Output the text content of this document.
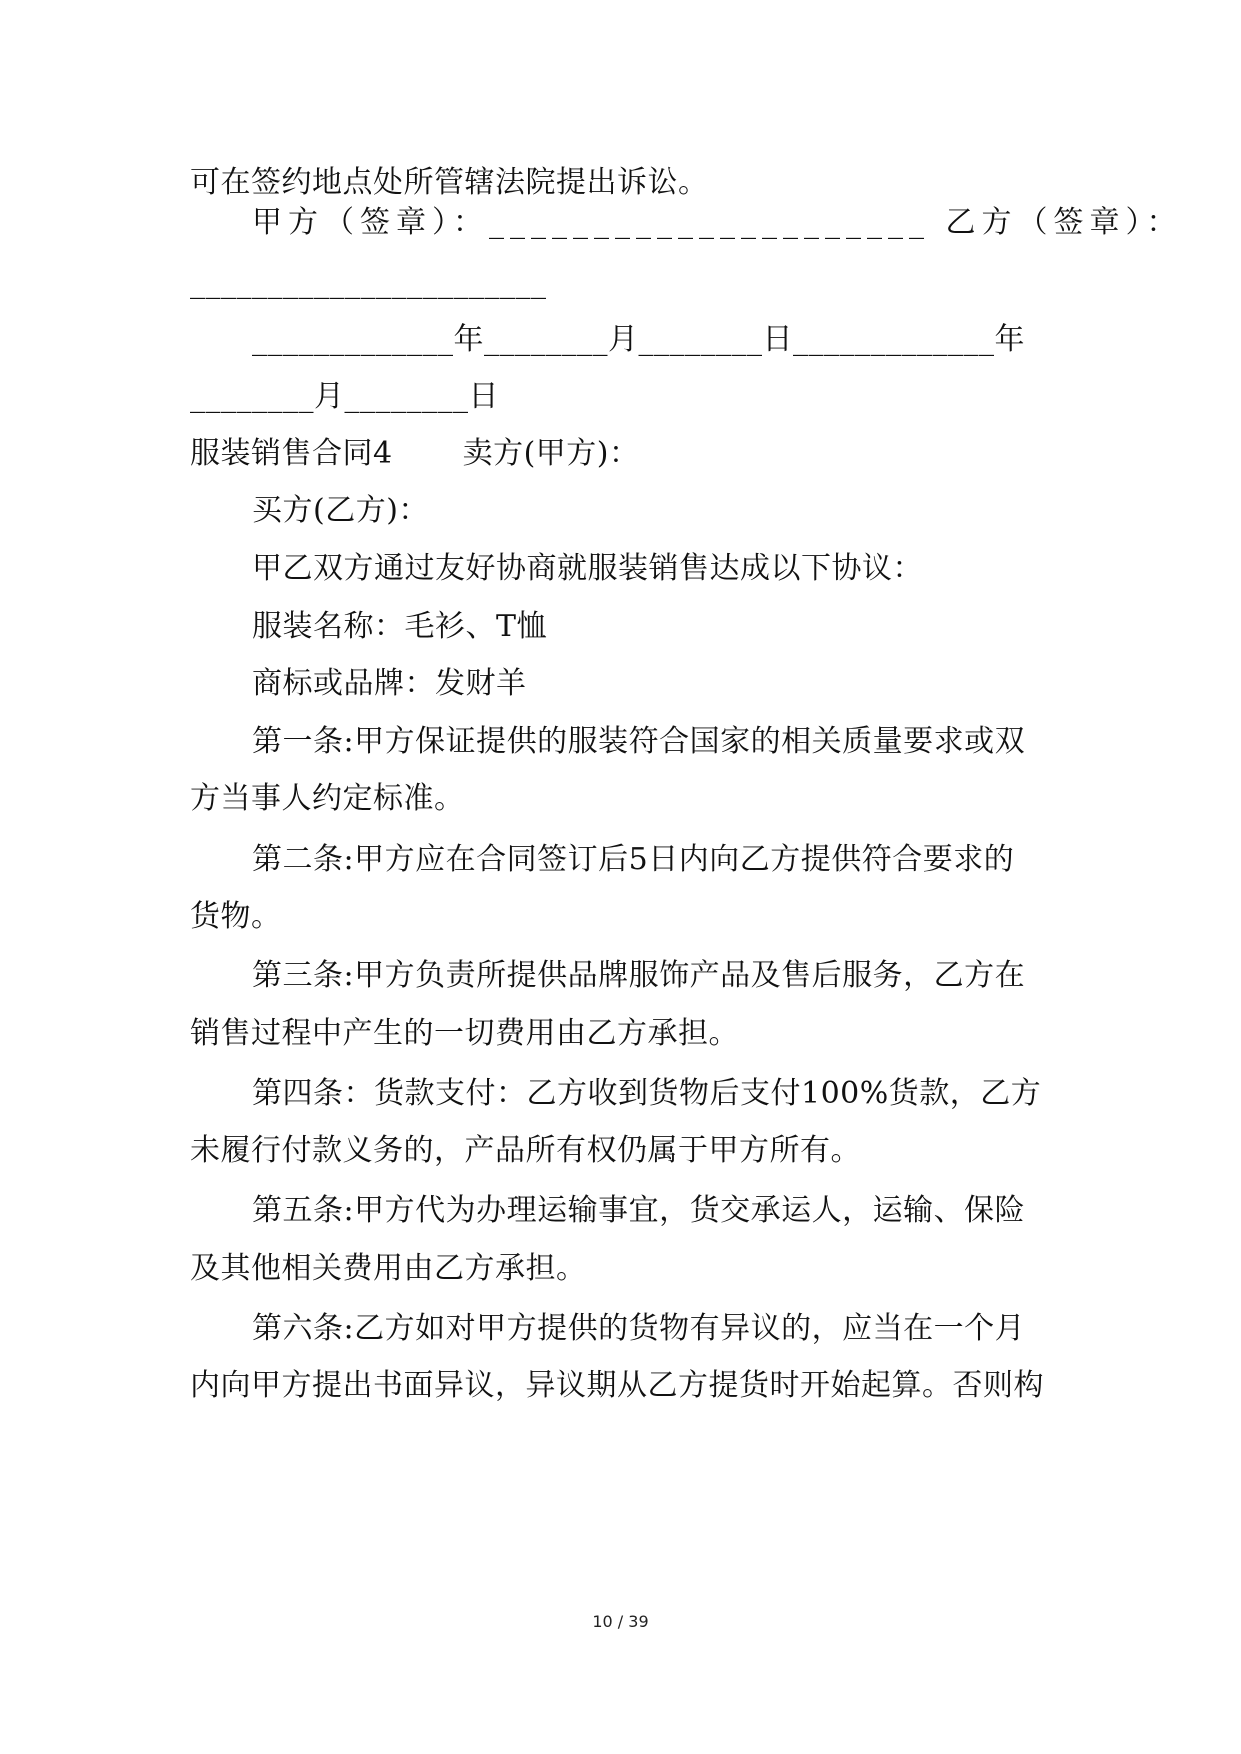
可在签约地点处所管辖法院提出诉讼。
甲方（签章）：_____________________ 乙方（签章）：
_______________________
_____________年________月________日_____________年
________月________日
服装销售合同4 卖方(甲方)：
买方(乙方)：
甲乙双方通过友好协商就服装销售达成以下协议：
服装名称：毛衫、T恤
商标或品牌：发财羊
第一条:甲方保证提供的服装符合国家的相关质量要求或双
方当事人约定标准。
第二条:甲方应在合同签订后5日内向乙方提供符合要求的
货物。
第三条:甲方负责所提供品牌服饰产品及售后服务，乙方在
销售过程中产生的一切费用由乙方承担。
第四条：货款支付：乙方收到货物后支付100%货款，乙方
未履行付款义务的，产品所有权仍属于甲方所有。
第五条:甲方代为办理运输事宜，货交承运人，运输、保险
及其他相关费用由乙方承担。
第六条:乙方如对甲方提供的货物有异议的，应当在一个月
内向甲方提出书面异议，异议期从乙方提货时开始起算。否则构
10 / 39
